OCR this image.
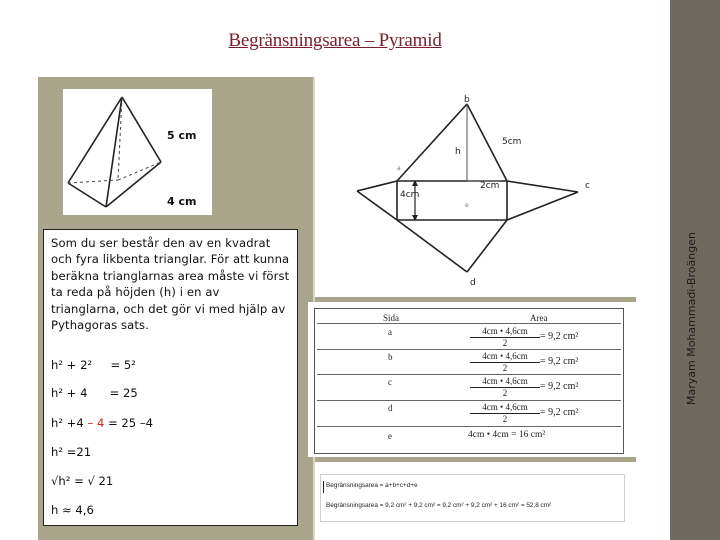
Begränsningsarea – Pyramid
Maryam Mohammadi-Broängen
5 cm
4 cm
Som du ser består den av en kvadrat och fyra likbenta trianglar. För att kunna beräkna trianglarnas area måste vi först ta reda på höjden (h) i en av trianglarna, och det gör vi med hjälp av Pythagoras sats.
h² + 2²     = 5²
h² + 4      = 25
h² +4 – 4 = 25 –4
h² =21
√h² = √ 21
h ≈ 4,6
b
h
5cm
2cm	c
4cm
d
a
e
Sida	Area
a	$\frac{4cm • 4,6cm}{2} = 9,2$ cm²
b	$\frac{4cm • 4,6cm}{2} = 9,2$ cm²
c	$\frac{4cm • 4,6cm}{2} = 9,2$ cm²
d	$\frac{4cm • 4,6cm}{2} = 9,2$ cm²
e	4cm • 4cm = 16 cm²
Begränsningsarea = a+b+c+d+e
Begränsningsarea = 9,2 cm² + 9,2 cm² = 9,2 cm² + 9,2 cm² + 16 cm² = 52,8 cm²
